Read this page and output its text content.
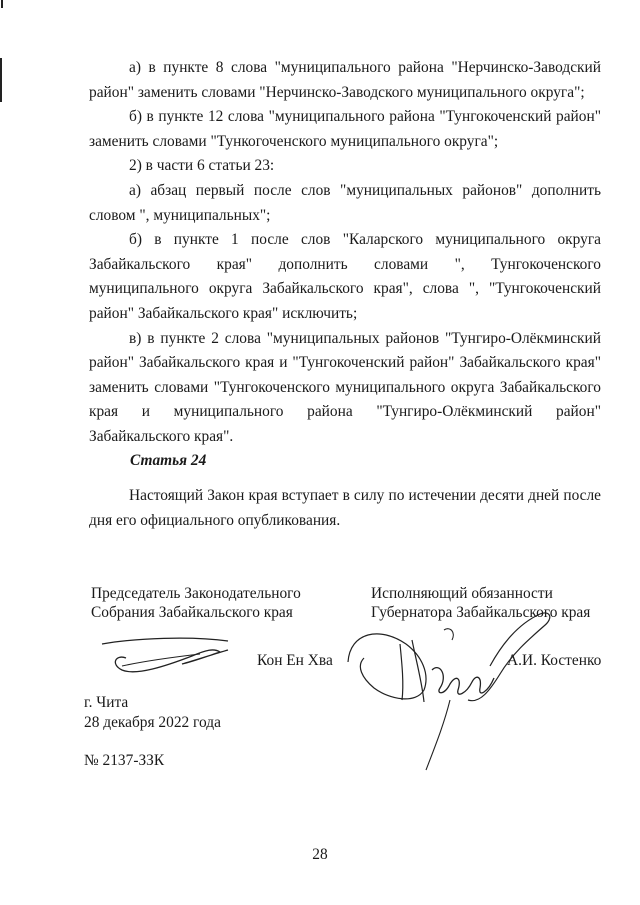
а) в пункте 8 слова "муниципального района "Нерчинско-Заводский район" заменить словами "Нерчинско-Заводского муниципального округа";

б) в пункте 12 слова "муниципального района "Тунгокоченский район" заменить словами "Тункогоченского муниципального округа";

2) в части 6 статьи 23:

а) абзац первый после слов "муниципальных районов" дополнить словом ", муниципальных";

б) в пункте 1 после слов "Каларского муниципального округа Забайкальского края" дополнить словами ", Тунгокоченского муниципального округа Забайкальского края", слова ", "Тунгокоченский район" Забайкальского края" исключить;

в) в пункте 2 слова "муниципальных районов "Тунгиро-Олёкминский район" Забайкальского края и "Тунгокоченский район" Забайкальского края" заменить словами "Тунгокоченского муниципального округа Забайкальского края и муниципального района "Тунгиро-Олёкминский район" Забайкальского края".

Статья 24
Настоящий Закон края вступает в силу по истечении десяти дней после дня его официального опубликования.
Председатель Законодательного
Собрания Забайкальского края
Исполняющий обязанности
Губернатора Забайкальского края
Кон Ен Хва	А.И. Костенко
г. Чита
28 декабря 2022 года
№ 2137-ЗЗК
28
